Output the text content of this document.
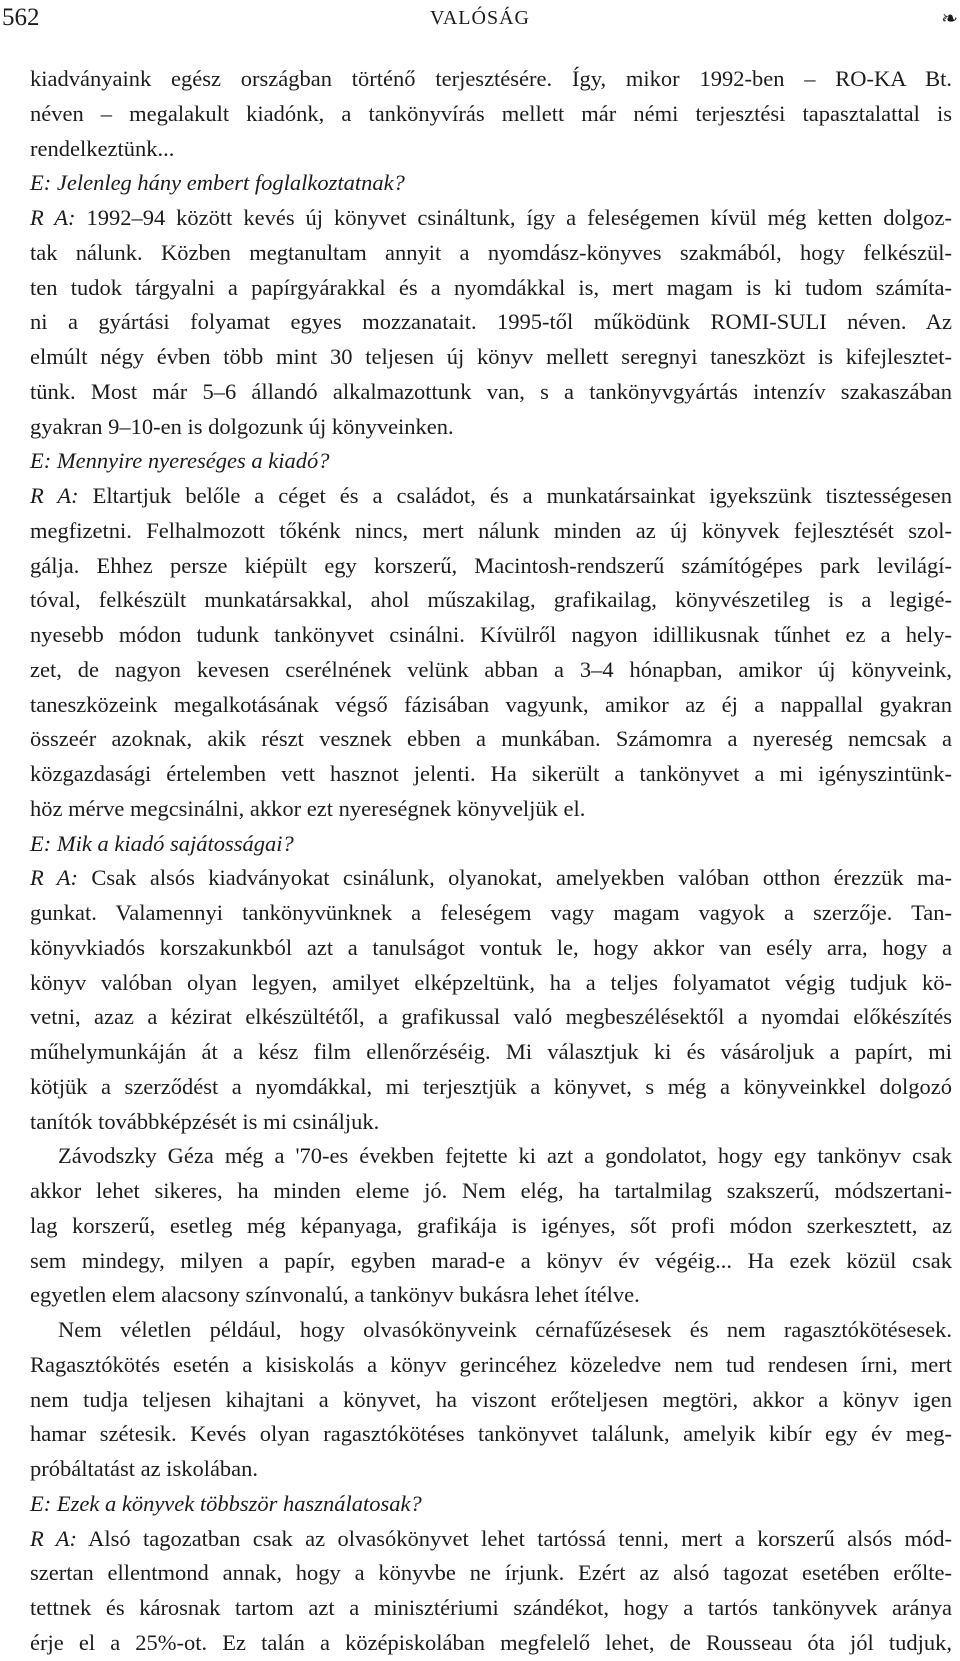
562	VALÓSÁG	❧
kiadványaink egész országban történő terjesztésére. Így, mikor 1992-ben – RO-KA Bt.
néven – megalakult kiadónk, a tankönyvírás mellett már némi terjesztési tapasztalattal is
rendelkeztünk...
E: Jelenleg hány embert foglalkoztatnak?
R A: 1992–94 között kevés új könyvet csináltunk, így a feleségemen kívül még ketten dolgoz-
tak nálunk. Közben megtanultam annyit a nyomdász-könyves szakmából, hogy felkészül-
ten tudok tárgyalni a papírgyárakkal és a nyomdákkal is, mert magam is ki tudom számíta-
ni a gyártási folyamat egyes mozzanatait. 1995-től működünk ROMI-SULI néven. Az
elmúlt négy évben több mint 30 teljesen új könyv mellett seregnyi taneszközt is kifejlesztet-
tünk. Most már 5–6 állandó alkalmazottunk van, s a tankönyvgyártás intenzív szakaszában
gyakran 9–10-en is dolgozunk új könyveinken.
E: Mennyire nyereséges a kiadó?
R A: Eltartjuk belőle a céget és a családot, és a munkatársainkat igyekszünk tisztességesen
megfizetni. Felhalmozott tőkénk nincs, mert nálunk minden az új könyvek fejlesztését szol-
gálja. Ehhez persze kiépült egy korszerű, Macintosh-rendszerű számítógépes park levilágí-
tóval, felkészült munkatársakkal, ahol műszakilag, grafikailag, könyvészetileg is a legigé-
nyesebb módon tudunk tankönyvet csinálni. Kívülről nagyon idillikusnak tűnhet ez a hely-
zet, de nagyon kevesen cserélnének velünk abban a 3–4 hónapban, amikor új könyveink,
taneszközeink megalkotásának végső fázisában vagyunk, amikor az éj a nappallal gyakran
összeér azoknak, akik részt vesznek ebben a munkában. Számomra a nyereség nemcsak a
közgazdasági értelemben vett hasznot jelenti. Ha sikerült a tankönyvet a mi igényszintünk-
höz mérve megcsinálni, akkor ezt nyereségnek könyveljük el.
E: Mik a kiadó sajátosságai?
R A: Csak alsós kiadványokat csinálunk, olyanokat, amelyekben valóban otthon érezzük ma-
gunkat. Valamennyi tankönyvünknek a feleségem vagy magam vagyok a szerzője. Tan-
könyvkiadós korszakunkból azt a tanulságot vontuk le, hogy akkor van esély arra, hogy a
könyv valóban olyan legyen, amilyet elképzeltünk, ha a teljes folyamatot végig tudjuk kö-
vetni, azaz a kézirat elkészültétől, a grafikussal való megbeszélésektől a nyomdai előkészítés
műhelymunkáján át a kész film ellenőrzéséig. Mi választjuk ki és vásároljuk a papírt, mi
kötjük a szerződést a nyomdákkal, mi terjesztjük a könyvet, s még a könyveinkkel dolgozó
tanítók továbbképzését is mi csináljuk.
Závodszky Géza még a '70-es években fejtette ki azt a gondolatot, hogy egy tankönyv csak
akkor lehet sikeres, ha minden eleme jó. Nem elég, ha tartalmilag szakszerű, módszertani-
lag korszerű, esetleg még képanyaga, grafikája is igényes, sőt profi módon szerkesztett, az
sem mindegy, milyen a papír, egyben marad-e a könyv év végéig... Ha ezek közül csak
egyetlen elem alacsony színvonalú, a tankönyv bukásra lehet ítélve.
Nem véletlen például, hogy olvasókönyveink cérnafűzésesek és nem ragasztókötésesek.
Ragasztókötés esetén a kisiskolás a könyv gerincéhez közeledve nem tud rendesen írni, mert
nem tudja teljesen kihajtani a könyvet, ha viszont erőteljesen megtöri, akkor a könyv igen
hamar szétesik. Kevés olyan ragasztókötéses tankönyvet találunk, amelyik kibír egy év meg-
próbáltatást az iskolában.
E: Ezek a könyvek többször használatosak?
R A: Alsó tagozatban csak az olvasókönyvet lehet tartóssá tenni, mert a korszerű alsós mód-
szertan ellentmond annak, hogy a könyvbe ne írjunk. Ezért az alsó tagozat esetében erőlte-
tettnek és károsnak tartom azt a minisztériumi szándékot, hogy a tartós tankönyvek aránya
érje el a 25%-ot. Ez talán a középiskolában megfelelő lehet, de Rousseau óta jól tudjuk,
